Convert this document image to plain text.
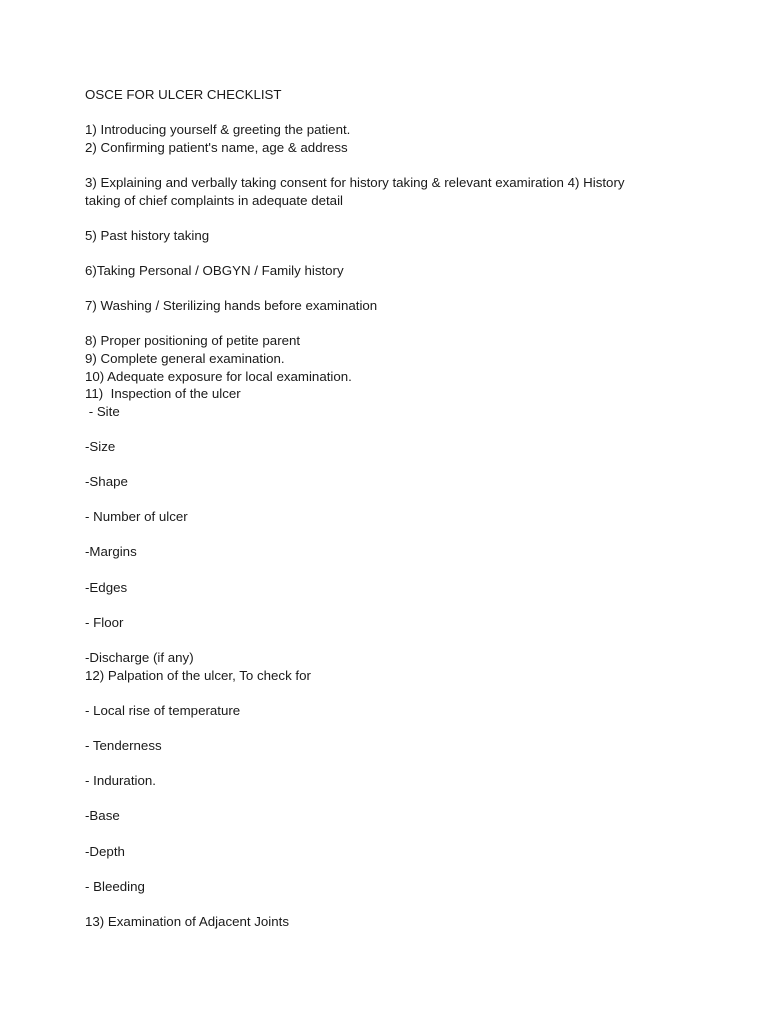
OSCE FOR ULCER CHECKLIST

1) Introducing yourself & greeting the patient.

2) Confirming patient's name, age & address

3) Explaining and verbally taking consent for history taking & relevant examiration 4) History taking of chief complaints in adequate detail

5) Past history taking

6)Taking Personal / OBGYN / Family history

7) Washing / Sterilizing hands before examination

8) Proper positioning of petite parent

9) Complete general examination.

10) Adequate exposure for local examination.

11)  Inspection of the ulcer

- Site

-Size

-Shape

- Number of ulcer

-Margins

-Edges

- Floor

-Discharge (if any)

12) Palpation of the ulcer, To check for

- Local rise of temperature

- Tenderness

- Induration.

-Base

-Depth

- Bleeding

13) Examination of Adjacent Joints
